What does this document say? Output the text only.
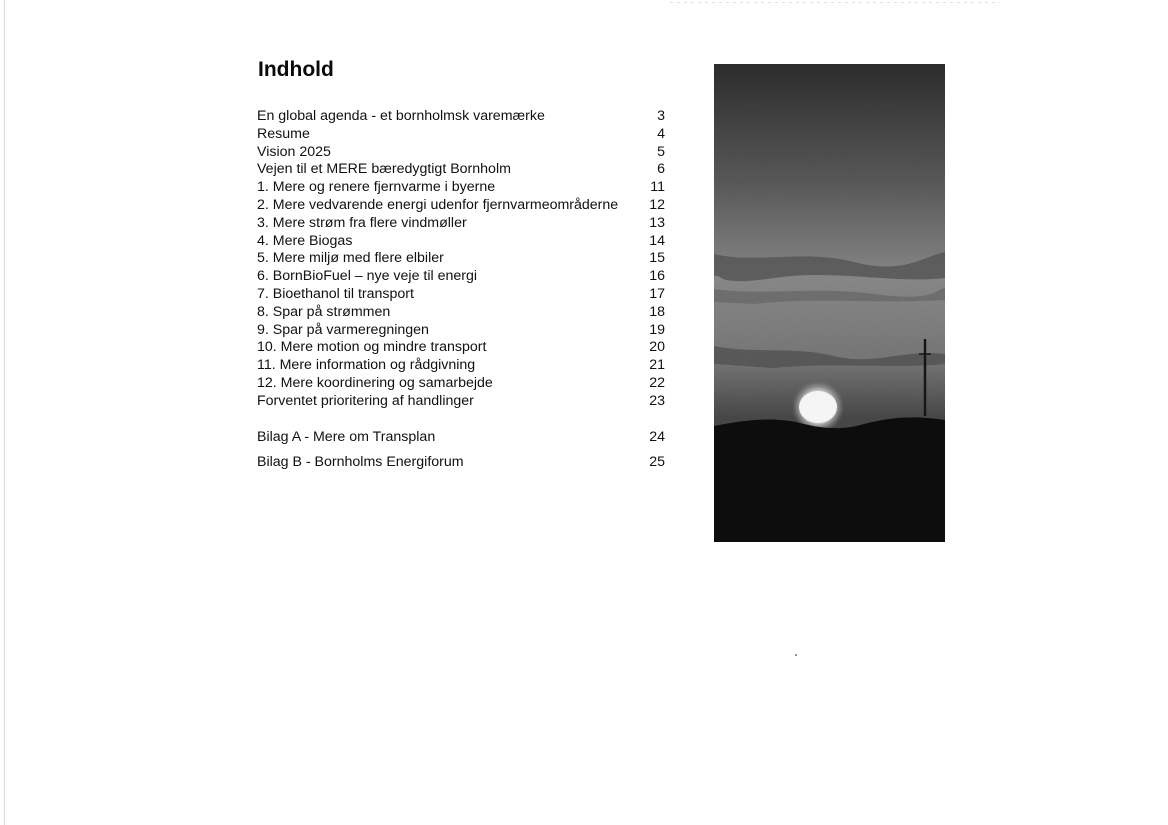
Indhold
En global agenda - et bornholmsk varemærke	3
Resume	4
Vision 2025	5
Vejen til et MERE bæredygtigt Bornholm	6
1. Mere og renere fjernvarme i byerne	11
2. Mere vedvarende energi udenfor fjernvarmeområderne	12
3. Mere strøm fra flere vindmøller	13
4. Mere Biogas	14
5. Mere miljø med flere elbiler	15
6. BornBioFuel – nye veje til energi	16
7. Bioethanol til transport	17
8. Spar på strømmen	18
9. Spar på varmeregningen	19
10. Mere motion og mindre transport	20
11. Mere information og rådgivning	21
12. Mere koordinering og samarbejde	22
Forventet prioritering af handlinger	23
Bilag A - Mere om Transplan	24
Bilag B - Bornholms Energiforum	25
